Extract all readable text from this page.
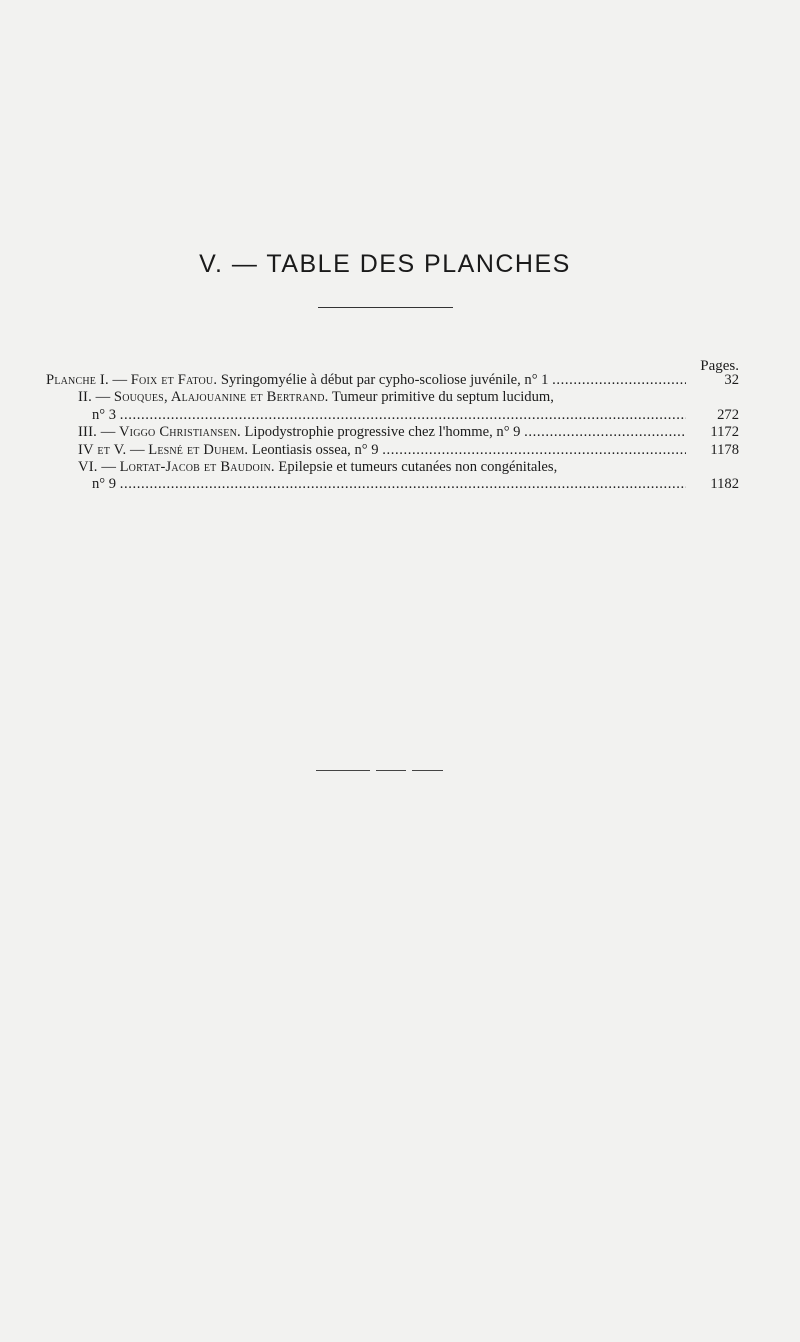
V. — TABLE DES PLANCHES
Pages.
Planche I. — Foix et Fatou. Syringomyélie à début par cypho-scoliose juvénile, n° 1 .....	32
II. — Souques, Alajouanine et Bertrand. Tumeur primitive du septum lucidum,
n° 3 .....	272
III. — Viggo Christiansen. Lipodystrophie progressive chez l'homme, n° 9 .....	1172
IV et V. — Lesné et Duhem. Leontiasis ossea, n° 9 .....	1178
VI. — Lortat-Jacob et Baudoin. Epilepsie et tumeurs cutanées non congénitales,
n° 9 .....	1182
